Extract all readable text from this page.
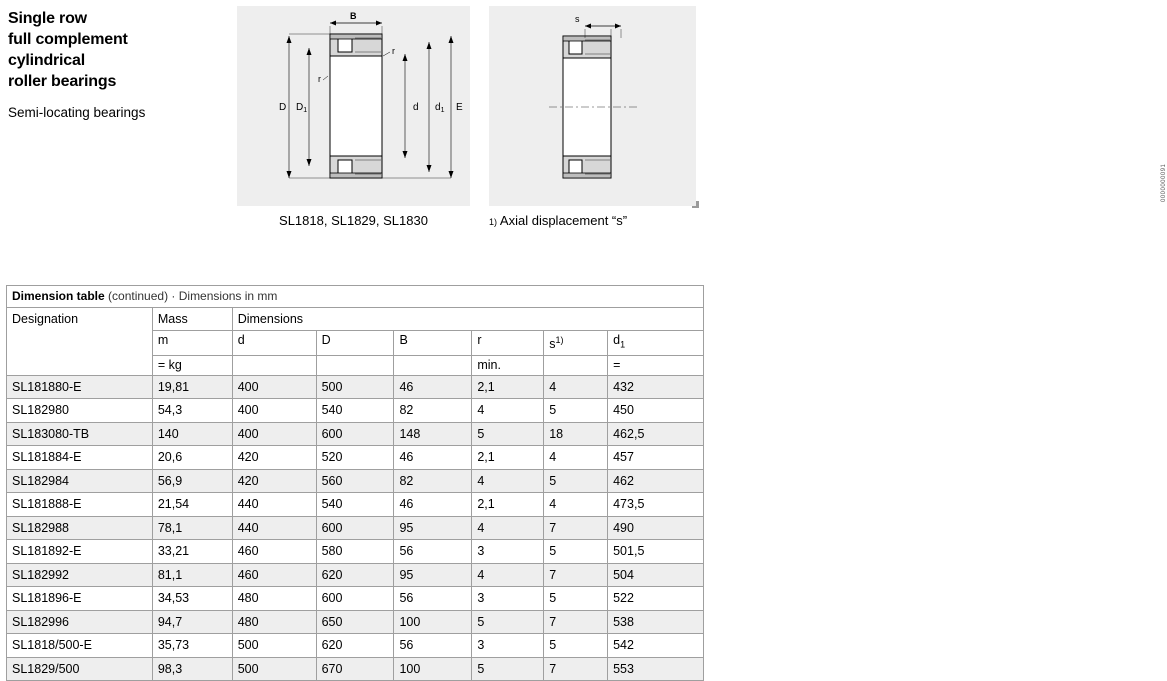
Single row
full complement
cylindrical
roller bearings
Semi-locating bearings
B
D $D_1$	d $d_1$ E
r
r
SL1818, SL1829, SL1830
s
0000000091
1) Axial displacement “s”
Dimension table (continued) · Dimensions in mm							
Designation	Mass	Dimensions					
	m	d	D	B	r	$s^{1)}$	$d_1$
	= kg				min.		=
SL181880-E	19,81	400	500	46	2,1	4	432
SL182980	54,3	400	540	82	4	5	450
SL183080-TB	140	400	600	148	5	18	462,5
SL181884-E	20,6	420	520	46	2,1	4	457
SL182984	56,9	420	560	82	4	5	462
SL181888-E	21,54	440	540	46	2,1	4	473,5
SL182988	78,1	440	600	95	4	7	490
SL181892-E	33,21	460	580	56	3	5	501,5
SL182992	81,1	460	620	95	4	7	504
SL181896-E	34,53	480	600	56	3	5	522
SL182996	94,7	480	650	100	5	7	538
SL1818/500-E	35,73	500	620	56	3	5	542
SL1829/500	98,3	500	670	100	5	7	553
